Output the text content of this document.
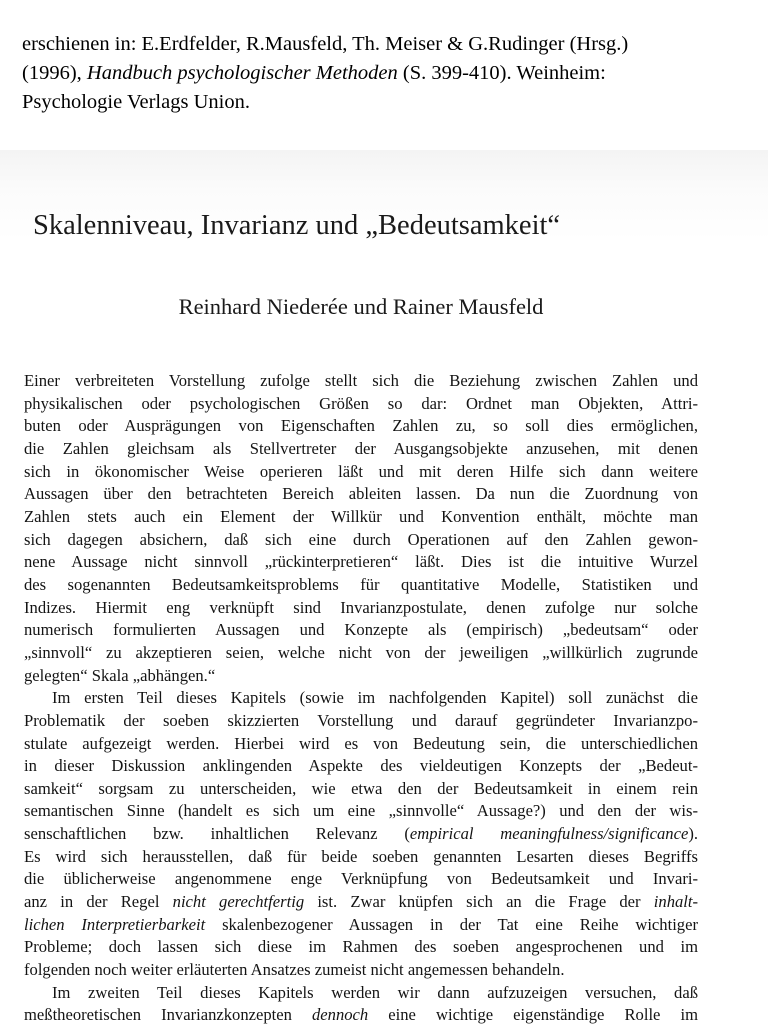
erschienen in: E.Erdfelder, R.Mausfeld, Th. Meiser & G.Rudinger (Hrsg.)

(1996), Handbuch psychologischer Methoden (S. 399-410). Weinheim:

Psychologie Verlags Union.

Skalenniveau, Invarianz und „Bedeutsamkeit“
Reinhard Niederée und Rainer Mausfeld
Einer verbreiteten Vorstellung zufolge stellt sich die Beziehung zwischen Zahlen und
physikalischen oder psychologischen Größen so dar: Ordnet man Objekten, Attri-
buten oder Ausprägungen von Eigenschaften Zahlen zu, so soll dies ermöglichen,
die Zahlen gleichsam als Stellvertreter der Ausgangsobjekte anzusehen, mit denen
sich in ökonomischer Weise operieren läßt und mit deren Hilfe sich dann weitere
Aussagen über den betrachteten Bereich ableiten lassen. Da nun die Zuordnung von
Zahlen stets auch ein Element der Willkür und Konvention enthält, möchte man
sich dagegen absichern, daß sich eine durch Operationen auf den Zahlen gewon-
nene Aussage nicht sinnvoll „rückinterpretieren“ läßt. Dies ist die intuitive Wurzel
des sogenannten Bedeutsamkeitsproblems für quantitative Modelle, Statistiken und
Indizes. Hiermit eng verknüpft sind Invarianzpostulate, denen zufolge nur solche
numerisch formulierten Aussagen und Konzepte als (empirisch) „bedeutsam“ oder
„sinnvoll“ zu akzeptieren seien, welche nicht von der jeweiligen „willkürlich zugrunde
gelegten“ Skala „abhängen.“
Im ersten Teil dieses Kapitels (sowie im nachfolgenden Kapitel) soll zunächst die
Problematik der soeben skizzierten Vorstellung und darauf gegründeter Invarianzpo-
stulate aufgezeigt werden. Hierbei wird es von Bedeutung sein, die unterschiedlichen
in dieser Diskussion anklingenden Aspekte des vieldeutigen Konzepts der „Bedeut-
samkeit“ sorgsam zu unterscheiden, wie etwa den der Bedeutsamkeit in einem rein
semantischen Sinne (handelt es sich um eine „sinnvolle“ Aussage?) und den der wis-
senschaftlichen bzw. inhaltlichen Relevanz (empirical meaningfulness/significance).
Es wird sich herausstellen, daß für beide soeben genannten Lesarten dieses Begriffs
die üblicherweise angenommene enge Verknüpfung von Bedeutsamkeit und Invari-
anz in der Regel nicht gerechtfertig ist. Zwar knüpfen sich an die Frage der inhalt-
lichen Interpretierbarkeit skalenbezogener Aussagen in der Tat eine Reihe wichtiger
Probleme; doch lassen sich diese im Rahmen des soeben angesprochenen und im
folgenden noch weiter erläuterten Ansatzes zumeist nicht angemessen behandeln.
Im zweiten Teil dieses Kapitels werden wir dann aufzuzeigen versuchen, daß
meßtheoretischen Invarianzkonzepten dennoch eine wichtige eigenständige Rolle im
